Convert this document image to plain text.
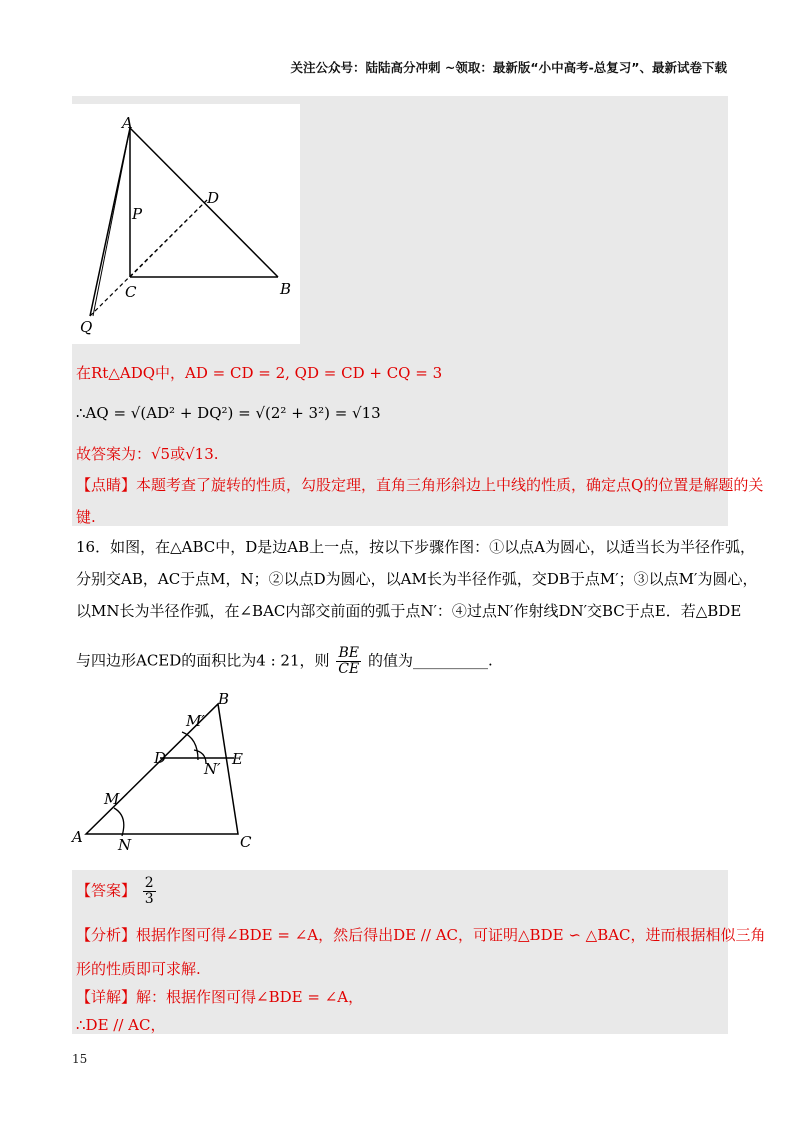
关注公众号：陆陆高分冲刺 ~领取：最新版“小中高考-总复习”、最新试卷下载
A
P
D
C	B
Q
在Rt△ADQ中，AD = CD = 2, QD = CD + CQ = 3
∴AQ = √(AD² + DQ²) = √(2² + 3²) = √13
故答案为：√5或√13.
【点睛】本题考查了旋转的性质，勾股定理，直角三角形斜边上中线的性质，确定点Q的位置是解题的关
键.
16．如图，在△ABC中，D是边AB上一点，按以下步骤作图：①以点A为圆心，以适当长为半径作弧，
分别交AB，AC于点M，N；②以点D为圆心，以AM长为半径作弧，交DB于点M′；③以点M′为圆心，
以MN长为半径作弧，在∠BAC内部交前面的弧于点N′：④过点N′作射线DN′交BC于点E．若△BDE
与四边形ACED的面积比为4 : 21，则 $\frac{BE}{CE}$ 的值为__________.
B
M′
D	E
N′
M
A N	C
【答案】 $\frac{2}{3}$
【分析】根据作图可得∠BDE = ∠A，然后得出DE // AC，可证明△BDE ∽ △BAC，进而根据相似三角
形的性质即可求解.
【详解】解：根据作图可得∠BDE = ∠A，
∴DE // AC，
15
